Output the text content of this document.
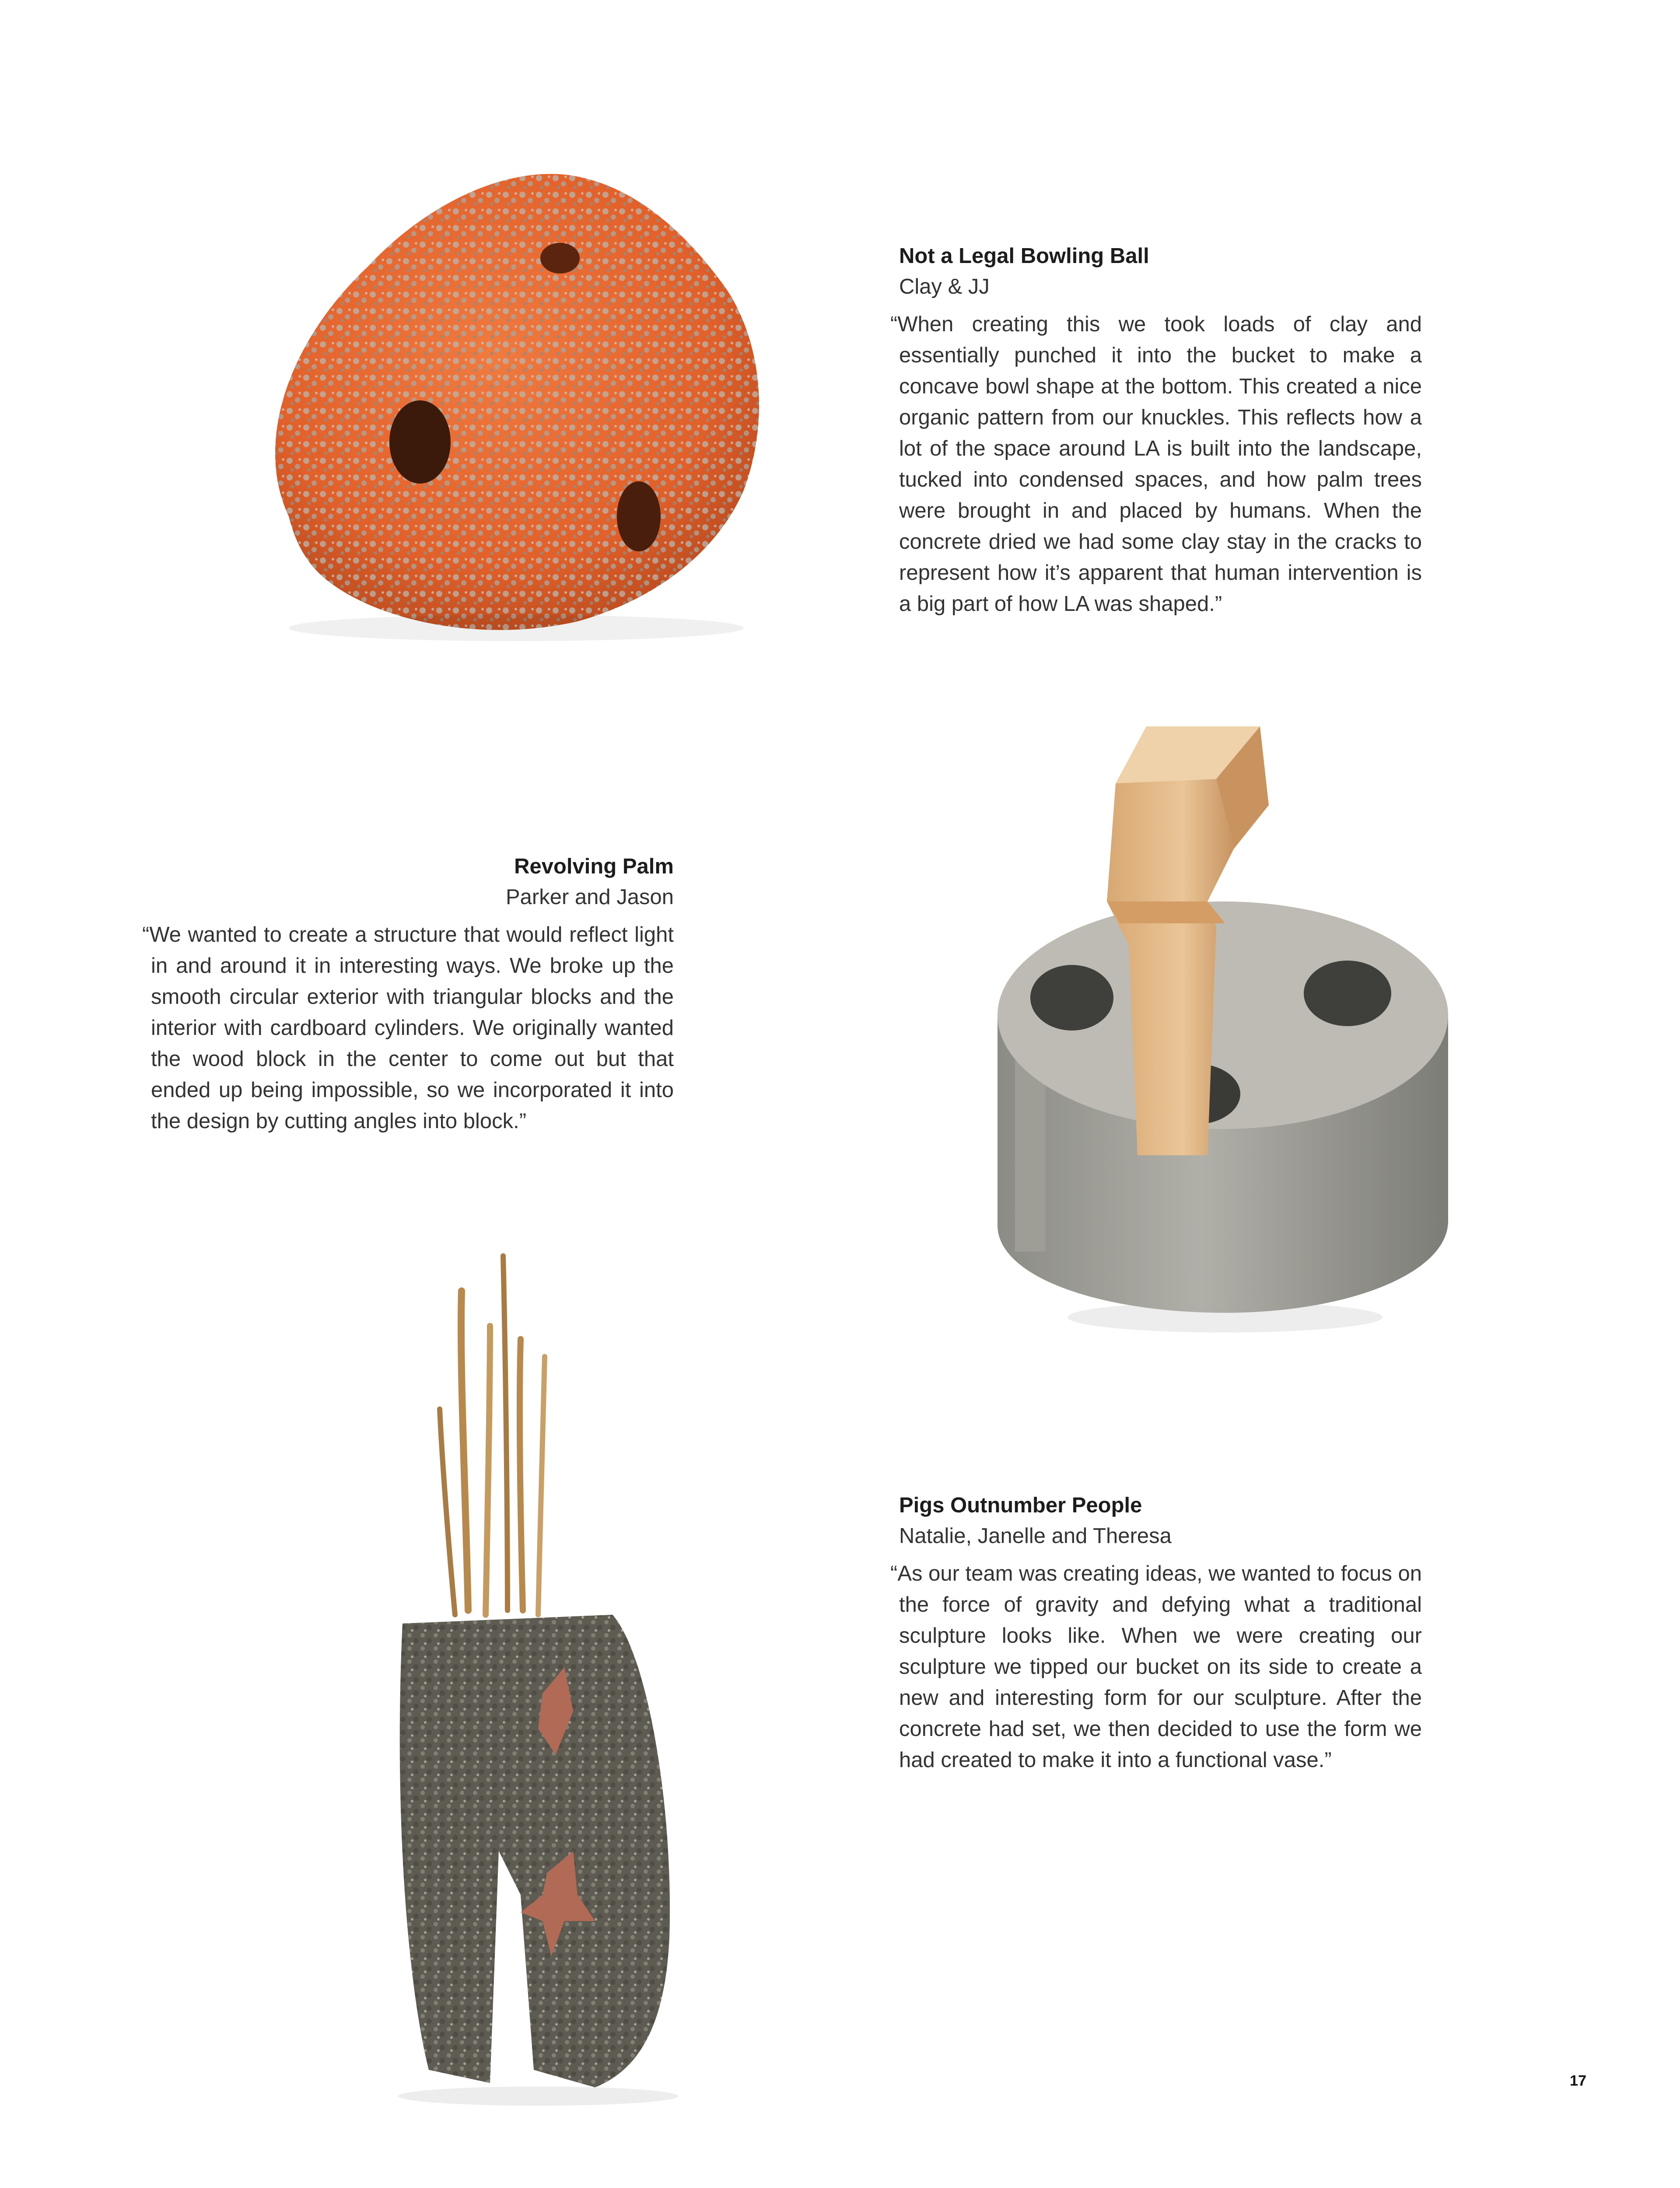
Not a Legal Bowling Ball
Clay & JJ
“When creating this we took loads of clay and essentially punched it into the bucket to make a concave bowl shape at the bottom. This created a nice organic pattern from our knuckles. This reflects how a lot of the space around LA is built into the landscape, tucked into condensed spaces, and how palm trees were brought in and placed by humans. When the concrete dried we had some clay stay in the cracks to represent how it’s apparent that human intervention is a big part of how LA was shaped.”
Revolving Palm
Parker and Jason
“We wanted to create a structure that would reflect light in and around it in interesting ways. We broke up the smooth circular exterior with triangular blocks and the interior with cardboard cylinders. We originally wanted the wood block in the center to come out but that ended up being impossible, so we incorporated it into the design by cutting angles into block.”
Pigs Outnumber People
Natalie, Janelle and Theresa
“As our team was creating ideas, we wanted to focus on the force of gravity and defying what a traditional sculpture looks like. When we were creating our sculpture we tipped our bucket on its side to create a new and interesting form for our sculpture. After the concrete had set, we then decided to use the form we had created to make it into a functional vase.”
17
